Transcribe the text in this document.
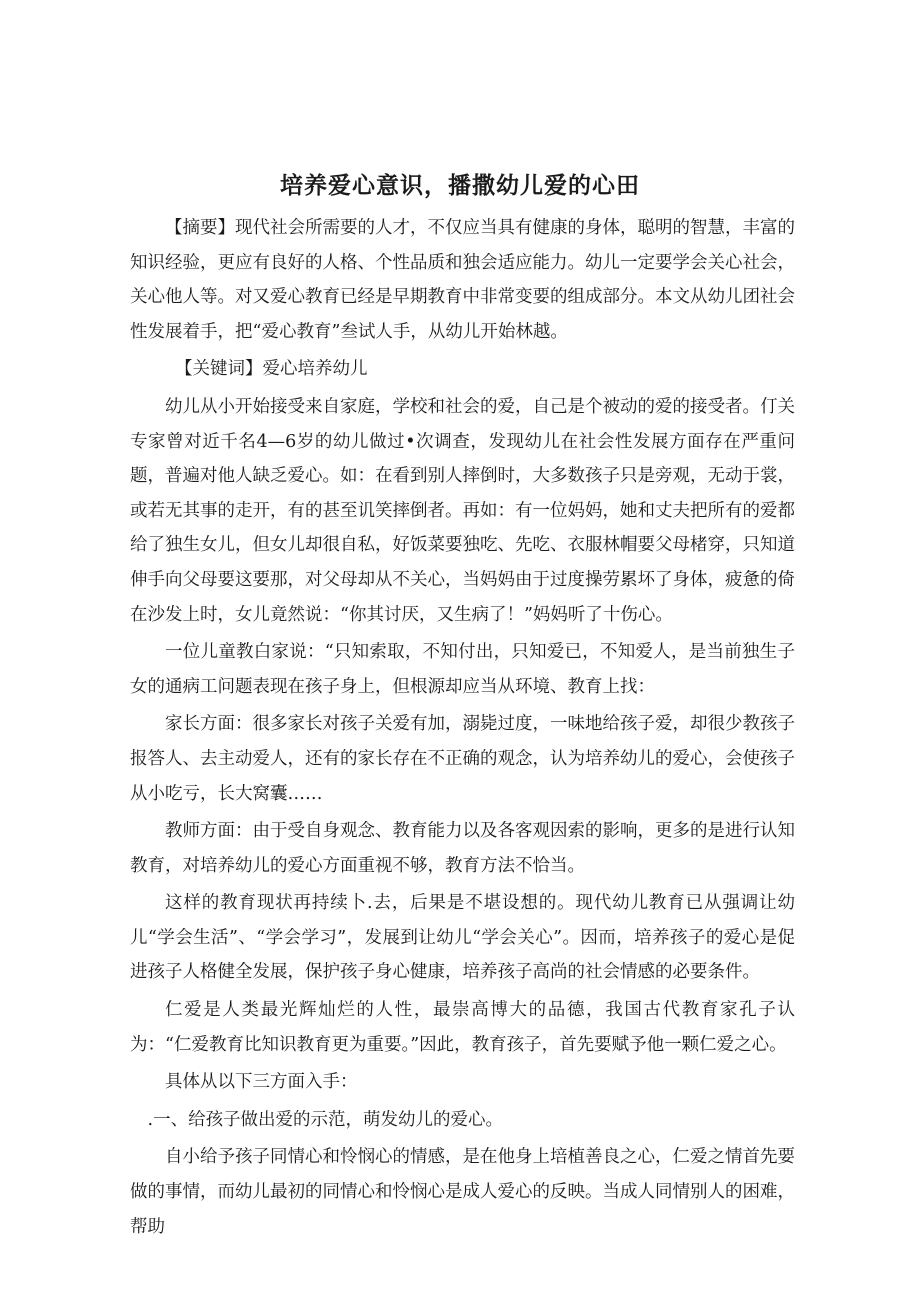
培养爱心意识，播撒幼儿爱的心田

【摘要】现代社会所需要的人才，不仅应当具有健康的身体，聪明的智慧，丰富的知识经验，更应有良好的人格、个性品质和独会适应能力。幼儿一定要学会关心社会，关心他人等。对又爱心教育已经是早期教育中非常变要的组成部分。本文从幼儿团社会性发展着手，把“爱心教育”叁试人手，从幼儿开始林越。

【关键词】爱心培养幼儿

幼儿从小开始接受来自家庭，学校和社会的爱，自己是个被动的爱的接受者。仃关专家曾对近千名4—6岁的幼儿做过•次调查，发现幼儿在社会性发展方面存在严重问题，普遍对他人缺乏爱心。如：在看到别人摔倒时，大多数孩子只是旁观，无动于裳，或若无其事的走开，有的甚至讥笑摔倒者。再如：有一位妈妈，她和丈夫把所有的爱都给了独生女儿，但女儿却很自私，好饭菜要独吃、先吃、衣服林帽要父母楮穿，只知道伸手向父母要这要那，对父母却从不关心，当妈妈由于过度操劳累坏了身体，疲惫的倚在沙发上时，女儿竟然说：“你其讨厌，又生病了！”妈妈听了十伤心。

一位儿童教白家说：“只知索取，不知付出，只知爱已，不知爱人，是当前独生子女的通病工问题表现在孩子身上，但根源却应当从环境、教育上找：

家长方面：很多家长对孩子关爱有加，溺毙过度，一味地给孩子爱，却很少教孩子报答人、去主动爱人，还有的家长存在不正确的观念，认为培养幼儿的爱心，会使孩子从小吃亏，长大窝囊……

教师方面：由于受自身观念、教育能力以及各客观因索的影响，更多的是进行认知教育，对培养幼儿的爱心方面重视不够，教育方法不恰当。

这样的教育现状再持续卜.去，后果是不堪设想的。现代幼儿教育已从强调让幼儿“学会生活”、“学会学习”，发展到让幼儿“学会关心”。因而，培养孩子的爱心是促进孩子人格健全发展，保护孩子身心健康，培养孩子高尚的社会情感的必要条件。

仁爱是人类最光辉灿烂的人性，最崇高博大的品德，我国古代教育家孔子认为：“仁爱教育比知识教育更为重要。”因此，教育孩子，首先要赋予他一颗仁爱之心。

具体从以下三方面入手：

.一、给孩子做出爱的示范，萌发幼儿的爱心。

自小给予孩子同情心和怜悯心的情感，是在他身上培植善良之心，仁爱之情首先要做的事情，而幼儿最初的同情心和怜悯心是成人爱心的反映。当成人同情别人的困难，帮助
